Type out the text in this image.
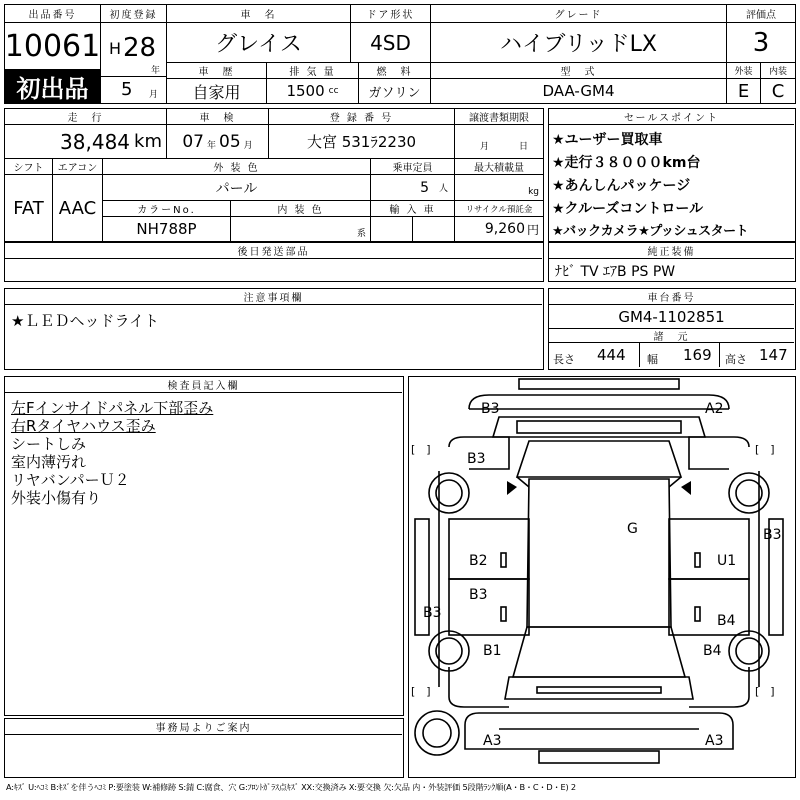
出品番号
10061
初出品
初度登録
H 28
年
5 月
車　名
グレイス
ドア形状
4SD
グレード
ハイブリッドLX
評価点
3
車　歴
自家用
排 気 量
1500 cc
燃　料
ガソリン
型　式
DAA-GM4
外装	内装
E	C
走　行
38,484 km
車　検
07 年 05 月
登 録 番 号
大宮 531ﾗ2230
譲渡書類期限
月	日
シフト
FAT
エアコン
AAC
外 装 色
パール
乗車定員
5 人
最大積載量
kg
カラーNo.
NH788P
内 装 色
系
輸 入 車	リサイクル預託金
9,260 円
セールスポイント
★ユーザー買取車
★走行３８０００km台
★あんしんパッケージ
★クルーズコントロール
★バックカメラ★プッシュスタート
後日発送部品	純正装備
ﾅﾋﾞ TV ｴｱB PS PW
注意事項欄
★ＬＥＤヘッドライト
車台番号
GM4-1102851
諸　元
長さ 444 幅 169 高さ 147
検査員記入欄
左Fインサイドパネル下部歪み
右Rタイヤハウス歪み
シートしみ
室内薄汚れ
リヤバンパーＵ２
外装小傷有り
事務局よりご案内
B3	A2
B3
G	B3
B2	U1
B3
B3	B4
B1	B4
A3	A3
[　]	[　]
[　]	[　]
A:ｷｽﾞ U:ﾍｺﾐ B:ｷｽﾞを伴うﾍｺﾐ P:要塗装 W:補修跡 S:錆 C:腐食、穴 G:ﾌﾛﾝﾄｶﾞﾗｽ点ｷｽﾞ XX:交換済み X:要交換 欠:欠品 内・外装評価 5段階ﾗﾝｸ順(A・B・C・D・E) 2
